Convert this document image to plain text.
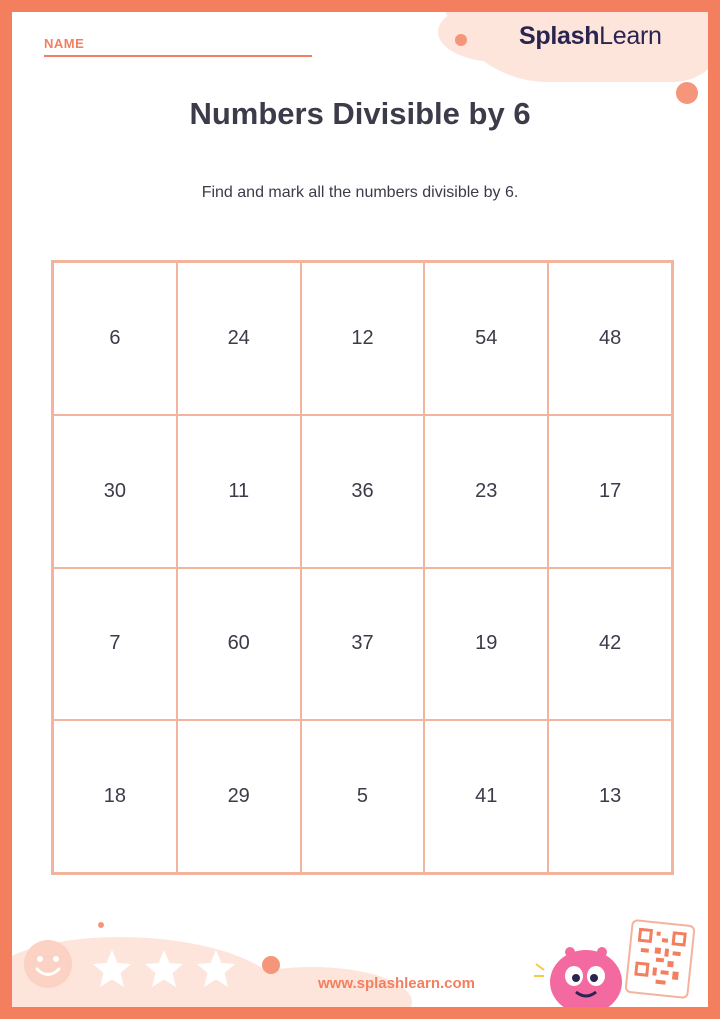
SplashLearn
NAME
Numbers Divisible by 6

Find and mark all the numbers divisible by 6.

6	24	12	54	48
30	11	36	23	17
7	60	37	19	42
18	29	5	41	13
www.splashlearn.com
